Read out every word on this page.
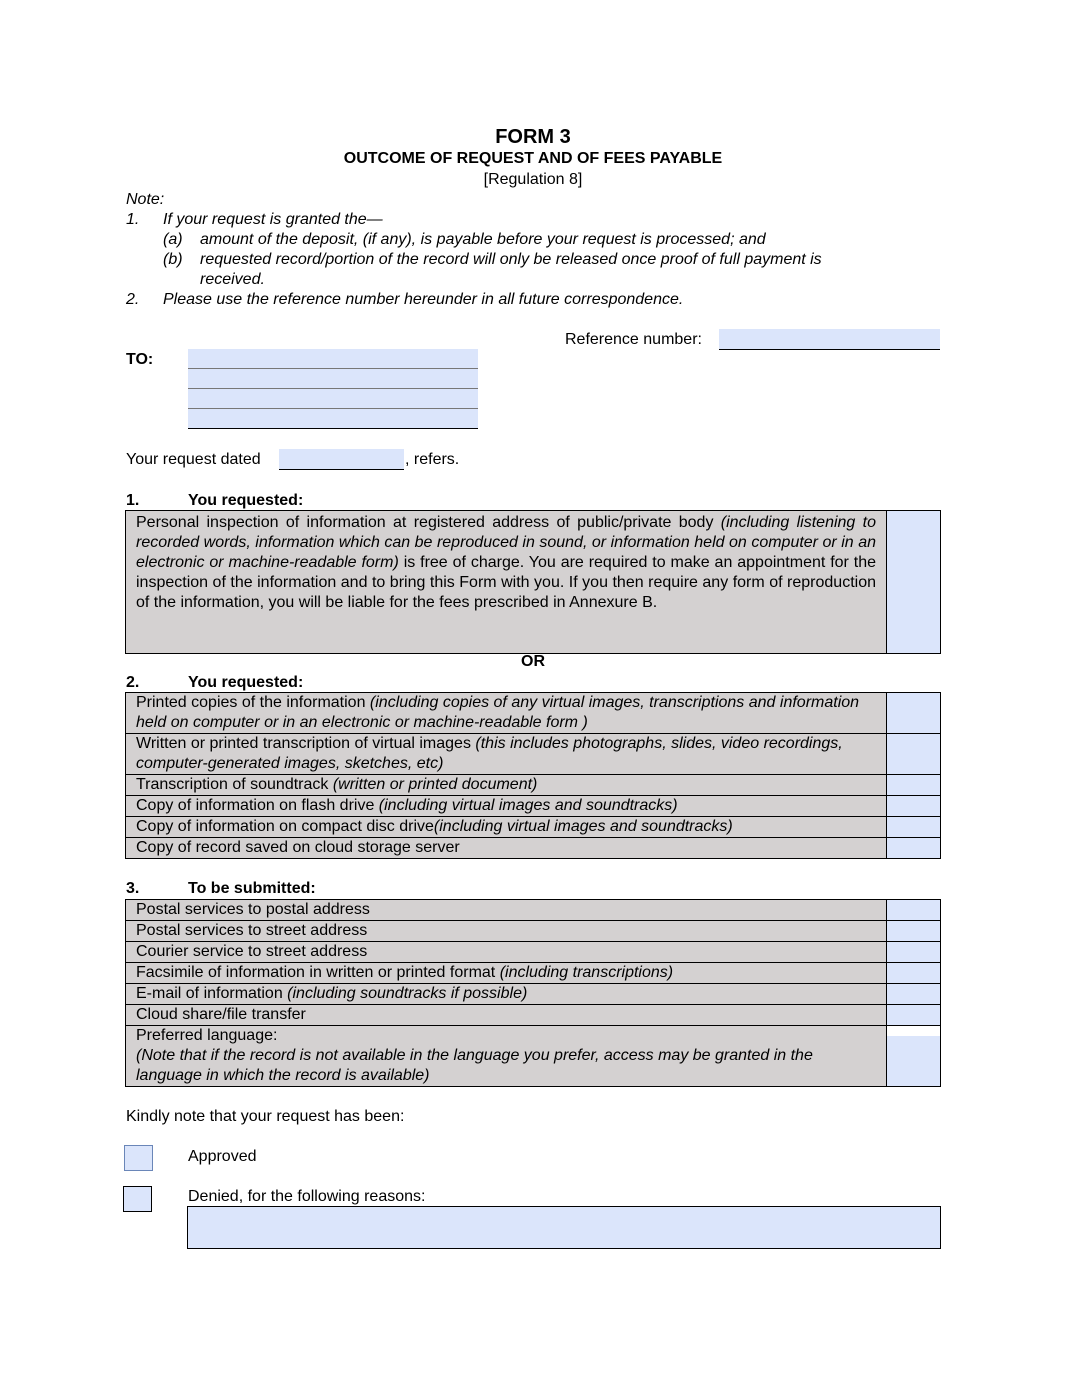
FORM 3
OUTCOME OF REQUEST AND OF FEES PAYABLE
[Regulation 8]
Note:
1. If your request is granted the—
(a) amount of the deposit, (if any), is payable before your request is processed; and
(b) requested record/portion of the record will only be released once proof of full payment is
received.
2. Please use the reference number hereunder in all future correspondence.
Reference number:
TO:
Your request dated	, refers.
1.	You requested:
Personal inspection of information at registered address of public/private body (including listening to recorded words, information which can be reproduced in sound, or information held on computer or in an electronic or machine-readable form) is free of charge. You are required to make an appointment for the inspection of the information and to bring this Form with you. If you then require any form of reproduction of the information, you will be liable for the fees prescribed in Annexure B.	
OR
2.	You requested:
Printed copies of the information (including copies of any virtual images, transcriptions and information held on computer or in an electronic or machine-readable form )	
Written or printed transcription of virtual images (this includes photographs, slides, video recordings, computer-generated images, sketches, etc)	
Transcription of soundtrack (written or printed document)	
Copy of information on flash drive (including virtual images and soundtracks)	
Copy of information on compact disc drive(including virtual images and soundtracks)	
Copy of record saved on cloud storage server	
3.	To be submitted:
Postal services to postal address	
Postal services to street address	
Courier service to street address	
Facsimile of information in written or printed format (including transcriptions)	
E-mail of information (including soundtracks if possible)	
Cloud share/file transfer	
Preferred language:
(Note that if the record is not available in the language you prefer, access may be granted in the language in which the record is available)	
Kindly note that your request has been:
Approved
Denied, for the following reasons:
